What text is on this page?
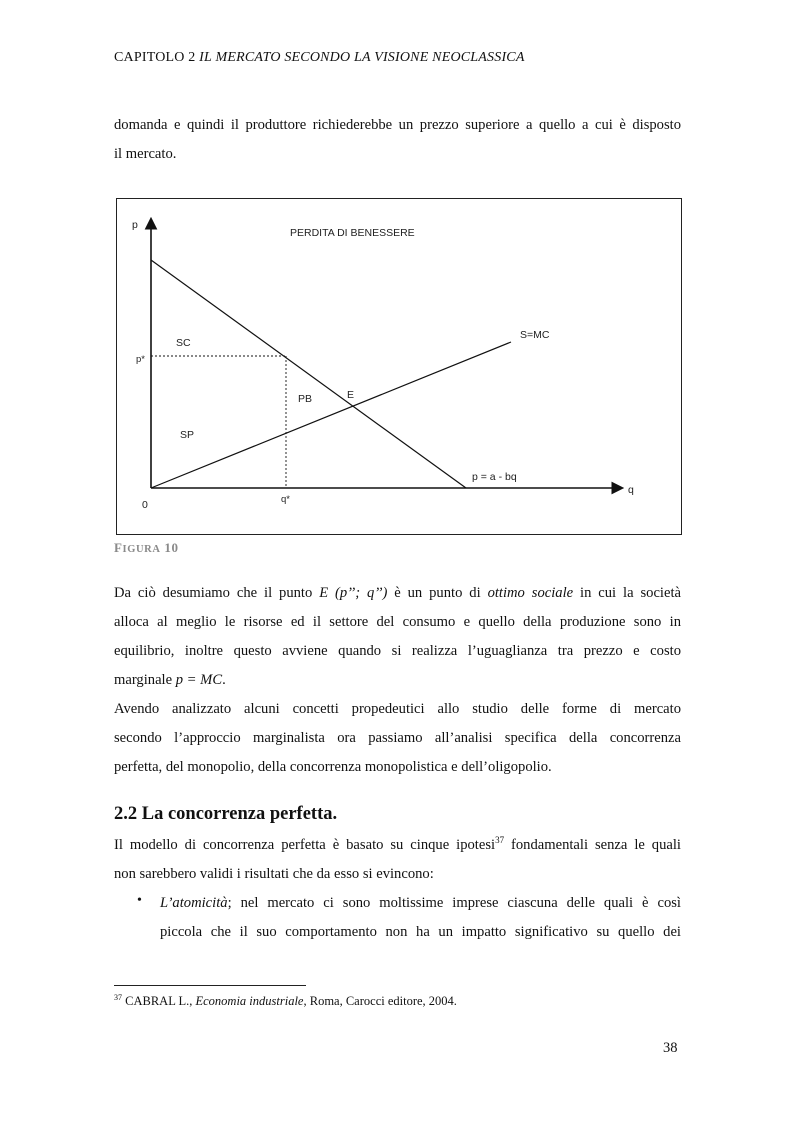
CAPITOLO 2 IL MERCATO SECONDO LA VISIONE NEOCLASSICA
domanda e quindi il produttore richiederebbe un prezzo superiore a quello a cui è disposto
il mercato.
PERDITA DI BENESSERE
p
q
0
p*
q*
SC
SP
PB	E
S=MC
p = a - bq
FIGURA 10
Da ciò desumiamo che il punto E (p’’; q’’) è un punto di ottimo sociale in cui la società
alloca al meglio le risorse ed il settore del consumo e quello della produzione sono in
equilibrio, inoltre questo avviene quando si realizza l’uguaglianza tra prezzo e costo
marginale p = MC.
Avendo analizzato alcuni concetti propedeutici allo studio delle forme di mercato
secondo l’approccio marginalista ora passiamo all’analisi specifica della concorrenza
perfetta, del monopolio, della concorrenza monopolistica e dell’oligopolio.
2.2 La concorrenza perfetta.
Il modello di concorrenza perfetta è basato su cinque ipotesi$^{37}$ fondamentali senza le quali
non sarebbero validi i risultati che da esso si evincono:
• L’atomicità; nel mercato ci sono moltissime imprese ciascuna delle quali è così
piccola che il suo comportamento non ha un impatto significativo su quello dei
$^{37}$ CABRAL L., Economia industriale, Roma, Carocci editore, 2004.
38
